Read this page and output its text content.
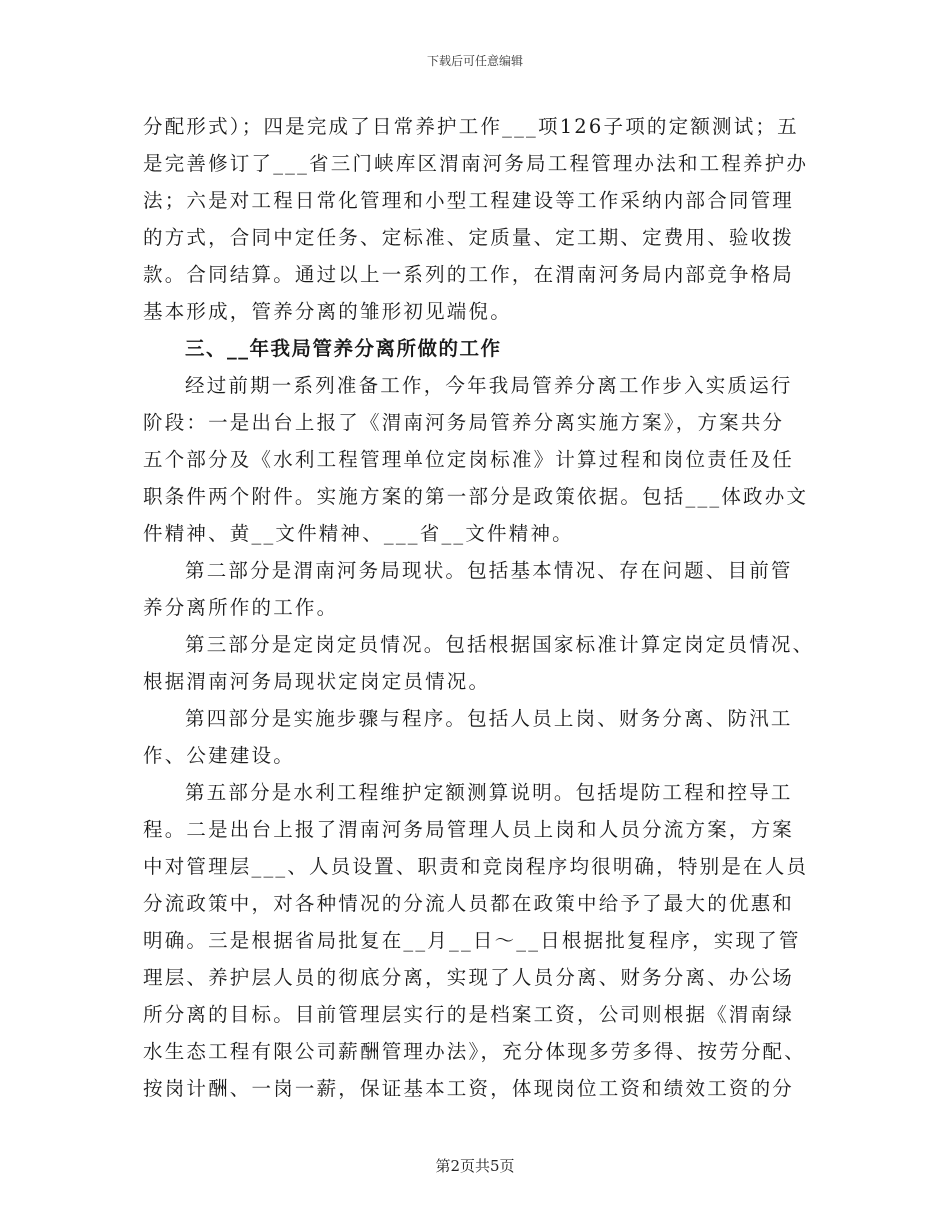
下载后可任意编辑
分配形式）；四是完成了日常养护工作___项126子项的定额测试；五
是完善修订了___省三门峡库区渭南河务局工程管理办法和工程养护办
法；六是对工程日常化管理和小型工程建设等工作采纳内部合同管理
的方式，合同中定任务、定标准、定质量、定工期、定费用、验收拨
款。合同结算。通过以上一系列的工作，在渭南河务局内部竞争格局
基本形成，管养分离的雏形初见端倪。
三、__年我局管养分离所做的工作
经过前期一系列准备工作，今年我局管养分离工作步入实质运行
阶段：一是出台上报了《渭南河务局管养分离实施方案》，方案共分
五个部分及《水利工程管理单位定岗标准》计算过程和岗位责任及任
职条件两个附件。实施方案的第一部分是政策依据。包括___体政办文
件精神、黄__文件精神、___省__文件精神。
第二部分是渭南河务局现状。包括基本情况、存在问题、目前管
养分离所作的工作。
第三部分是定岗定员情况。包括根据国家标准计算定岗定员情况、
根据渭南河务局现状定岗定员情况。
第四部分是实施步骤与程序。包括人员上岗、财务分离、防汛工
作、公建建设。
第五部分是水利工程维护定额测算说明。包括堤防工程和控导工
程。二是出台上报了渭南河务局管理人员上岗和人员分流方案，方案
中对管理层___、人员设置、职责和竞岗程序均很明确，特别是在人员
分流政策中，对各种情况的分流人员都在政策中给予了最大的优惠和
明确。三是根据省局批复在__月__日～__日根据批复程序，实现了管
理层、养护层人员的彻底分离，实现了人员分离、财务分离、办公场
所分离的目标。目前管理层实行的是档案工资，公司则根据《渭南绿
水生态工程有限公司薪酬管理办法》，充分体现多劳多得、按劳分配、
按岗计酬、一岗一薪，保证基本工资，体现岗位工资和绩效工资的分
第2页共5页
